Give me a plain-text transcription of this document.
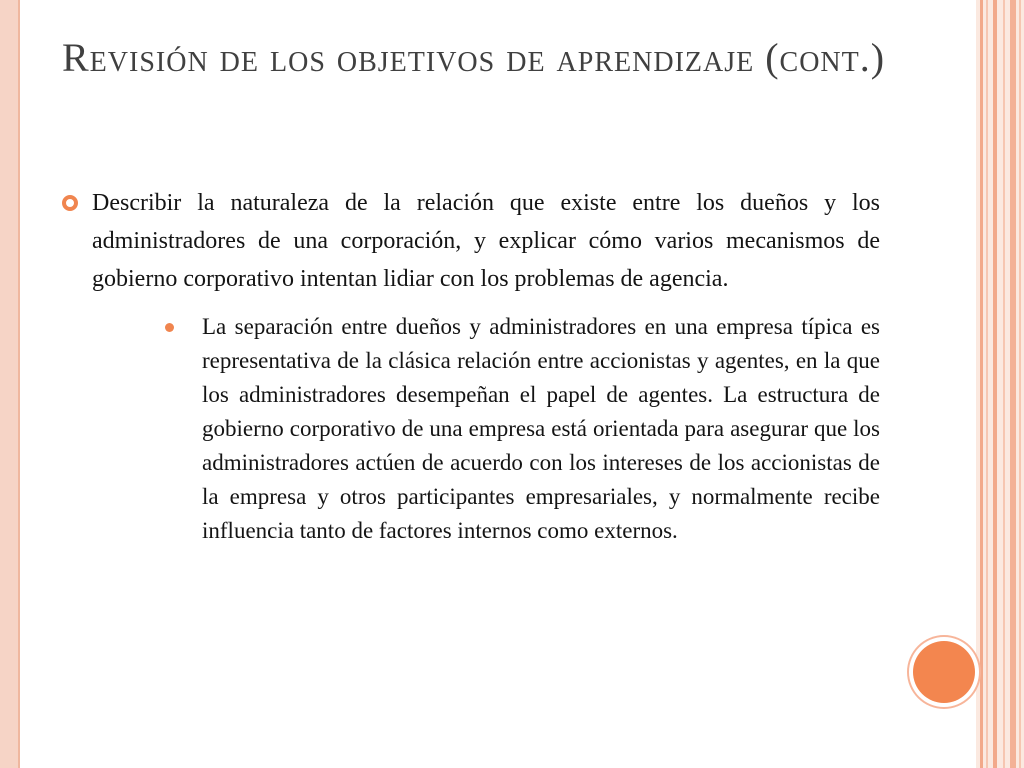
Revisión de los objetivos de aprendizaje (cont.)

Describir la naturaleza de la relación que existe entre los dueños y los administradores de una corporación, y explicar cómo varios mecanismos de gobierno corporativo intentan lidiar con los problemas de agencia.

La separación entre dueños y administradores en una empresa típica es representativa de la clásica relación entre accionistas y agentes, en la que los administradores desempeñan el papel de agentes. La estructura de gobierno corporativo de una empresa está orientada para asegurar que los administradores actúen de acuerdo con los intereses de los accionistas de la empresa y otros participantes empresariales, y normalmente recibe influencia tanto de factores internos como externos.
